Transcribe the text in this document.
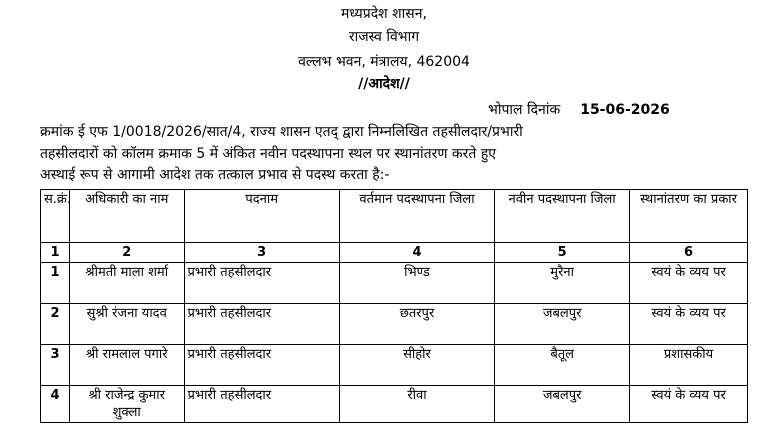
मध्यप्रदेश शासन,
राजस्व विभाग
वल्लभ भवन, मंत्रालय, 462004
//आदेश//
भोपाल दिनांक 15-06-2026
क्रमांक ई एफ 1/0018/2026/सात/4, राज्य शासन एतद् द्वारा निम्नलिखित तहसीलदार/प्रभारी
तहसीलदारों को कॉलम क्रमाक 5 में अंकित नवीन पदस्थापना स्थल पर स्थानांतरण करते हुए
अस्थाई रूप से आगामी आदेश तक तत्काल प्रभाव से पदस्थ करता है:-
स.क्रं.	अधिकारी का नाम	पदनाम	वर्तमान पदस्थापना जिला	नवीन पदस्थापना जिला	स्थानांतरण का प्रकार
1	2	3	4	5	6
1	श्रीमती माला शर्मा	प्रभारी तहसीलदार	भिण्ड	मुरैना	स्वयं के व्यय पर
2	सुश्री रंजना यादव	प्रभारी तहसीलदार	छतरपुर	जबलपुर	स्वयं के व्यय पर
3	श्री रामलाल पगारे	प्रभारी तहसीलदार	सीहोर	बैतूल	प्रशासकीय
4	श्री राजेन्द्र कुमार शुक्ला	प्रभारी तहसीलदार	रीवा	जबलपुर	स्वयं के व्यय पर
